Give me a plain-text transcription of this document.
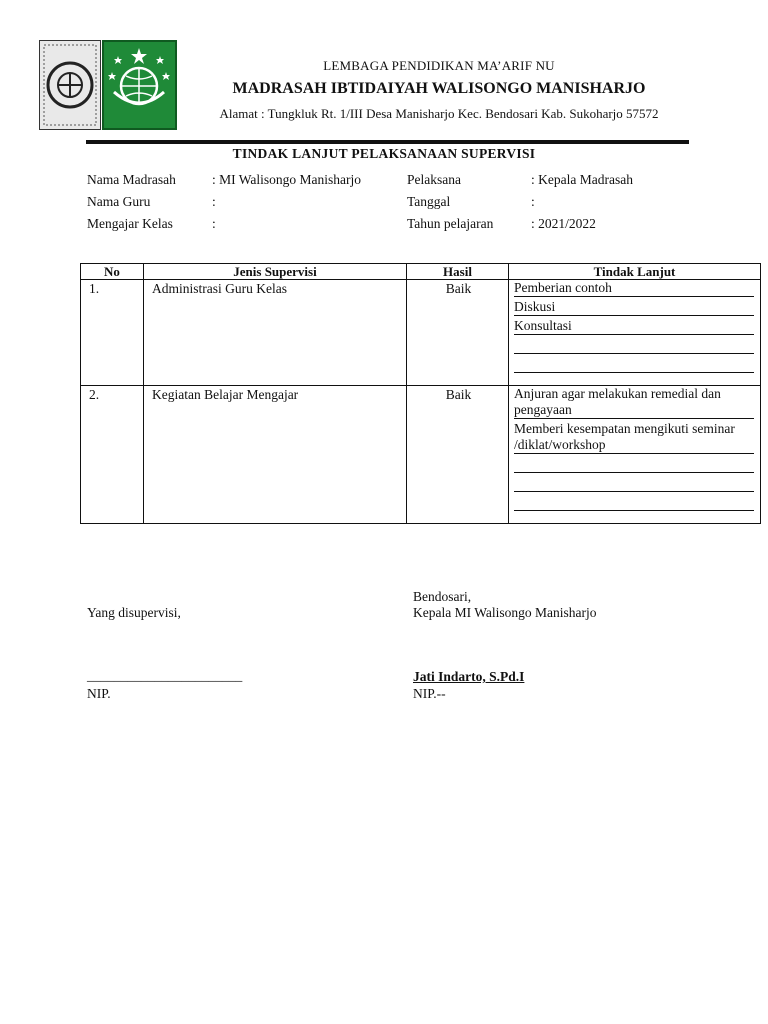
LEMBAGA PENDIDIKAN MA’ARIF NU
MADRASAH IBTIDAIYAH WALISONGO MANISHARJO
Alamat : Tungkluk Rt. 1/III Desa Manisharjo Kec. Bendosari Kab. Sukoharjo 57572
TINDAK LANJUT PELAKSANAAN SUPERVISI
Nama Madrasah	: MI Walisongo Manisharjo
Nama Guru	:
Mengajar Kelas	:
Pelaksana	: Kepala Madrasah
Tanggal	:
Tahun pelajaran	: 2021/2022
No	Jenis Supervisi	Hasil	Tindak Lanjut

1.	Administrasi Guru Kelas	Baik	Pemberian contoh
Diskusi
Konsultasi

2.	Kegiatan Belajar Mengajar	Baik	Anjuran agar melakukan remedial dan pengayaan
Memberi kesempatan mengikuti seminar /diklat/workshop
Bendosari,
Yang disupervisi,	Kepala MI Walisongo Manisharjo
_______________________	Jati Indarto, S.Pd.I
NIP.	NIP.--
